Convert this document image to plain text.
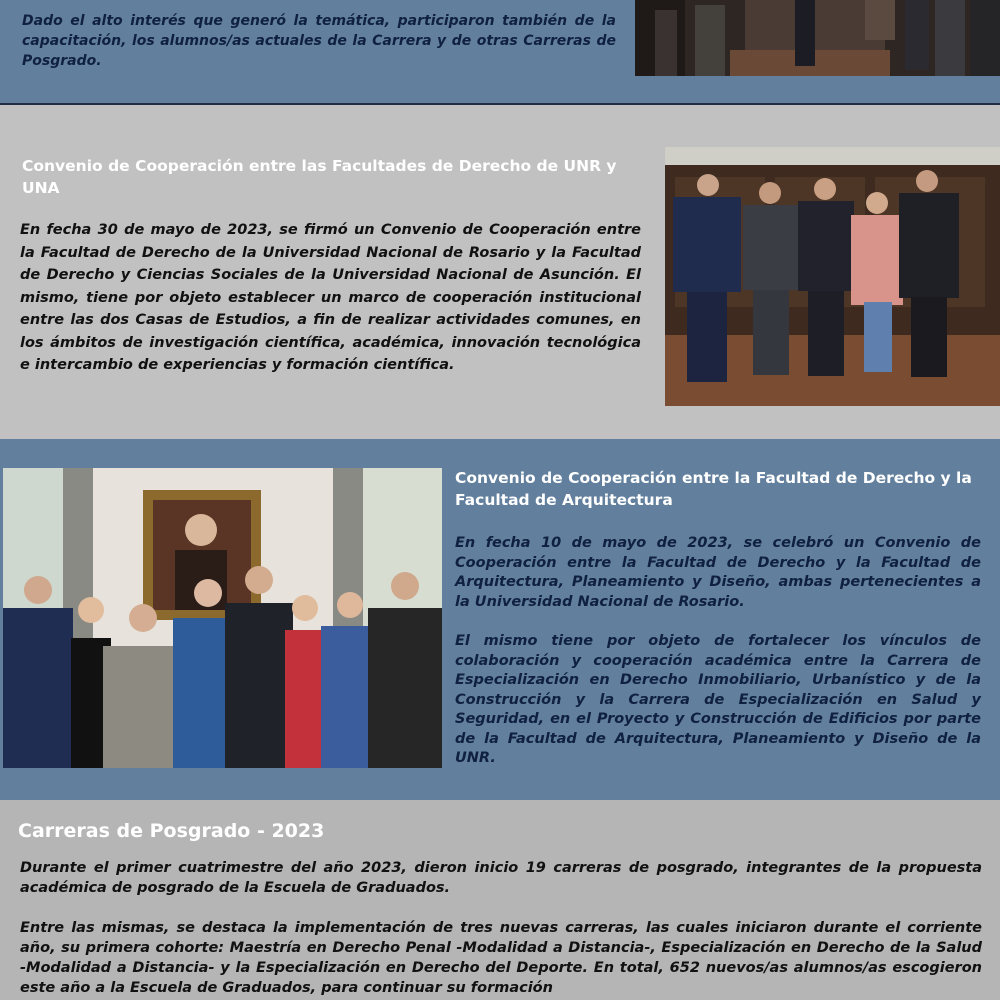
Dado el alto interés que generó la temática, participaron también de la capacitación, los alumnos/as actuales de la Carrera y de otras Carreras de Posgrado.

Convenio de Cooperación entre las Facultades de Derecho de UNR y UNA

En fecha 30 de mayo de 2023, se firmó un Convenio de Cooperación entre la Facultad de Derecho de la Universidad Nacional de Rosario y la Facultad de Derecho y Ciencias Sociales de la Universidad Nacional de Asunción. El mismo, tiene por objeto establecer un marco de cooperación institucional entre las dos Casas de Estudios, a fin de realizar actividades comunes, en los ámbitos de investigación científica, académica, innovación tecnológica e intercambio de experiencias y formación científica.

Convenio de Cooperación entre la Facultad de Derecho y la Facultad de Arquitectura

En fecha 10 de mayo de 2023, se celebró un Convenio de Cooperación entre la Facultad de Derecho y la Facultad de Arquitectura, Planeamiento y Diseño, ambas pertenecientes a la Universidad Nacional de Rosario.

El mismo tiene por objeto de fortalecer los vínculos de colaboración y cooperación académica entre la Carrera de Especialización en Derecho Inmobiliario, Urbanístico y de la Construcción y la Carrera de Especialización en Salud y Seguridad, en el Proyecto y Construcción de Edificios por parte de la Facultad de Arquitectura, Planeamiento y Diseño de la UNR.

Carreras de Posgrado - 2023

Durante el primer cuatrimestre del año 2023, dieron inicio 19 carreras de posgrado, integrantes de la propuesta académica de posgrado de la Escuela de Graduados.

Entre las mismas, se destaca la implementación de tres nuevas carreras, las cuales iniciaron durante el corriente año, su primera cohorte: Maestría en Derecho Penal -Modalidad a Distancia-, Especialización en Derecho de la Salud -Modalidad a Distancia- y la Especialización en Derecho del Deporte. En total, 652 nuevos/as alumnos/as escogieron este año a la Escuela de Graduados, para continuar su formación
